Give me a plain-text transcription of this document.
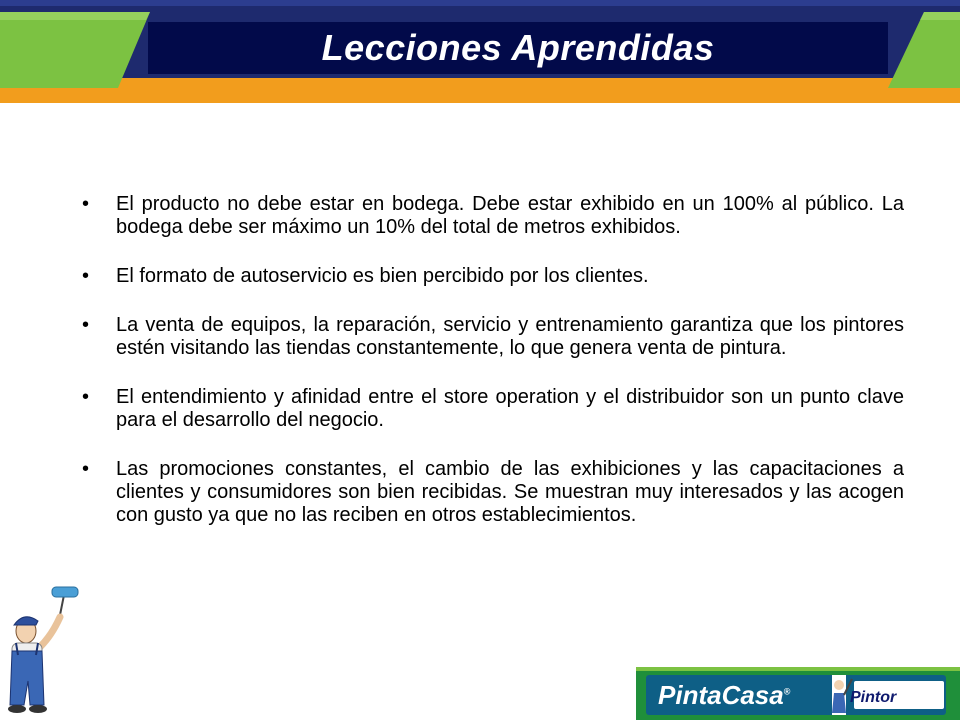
Lecciones Aprendidas
•	El producto no debe estar en bodega. Debe estar exhibido en un 100% al público. La bodega debe ser máximo un 10% del total de metros exhibidos.
•	El formato de autoservicio es bien percibido por los clientes.
•	La venta de equipos, la reparación, servicio y entrenamiento garantiza que los pintores estén visitando las tiendas constantemente, lo que genera venta de pintura.
•	El entendimiento y afinidad entre el store operation y el distribuidor son un punto clave para el desarrollo del negocio.
•	Las promociones constantes, el cambio de las exhibiciones y las capacitaciones a clientes y consumidores son bien recibidas. Se muestran muy interesados y las acogen con gusto ya que no las reciben en otros establecimientos.
PintaCasa®	Pintor
